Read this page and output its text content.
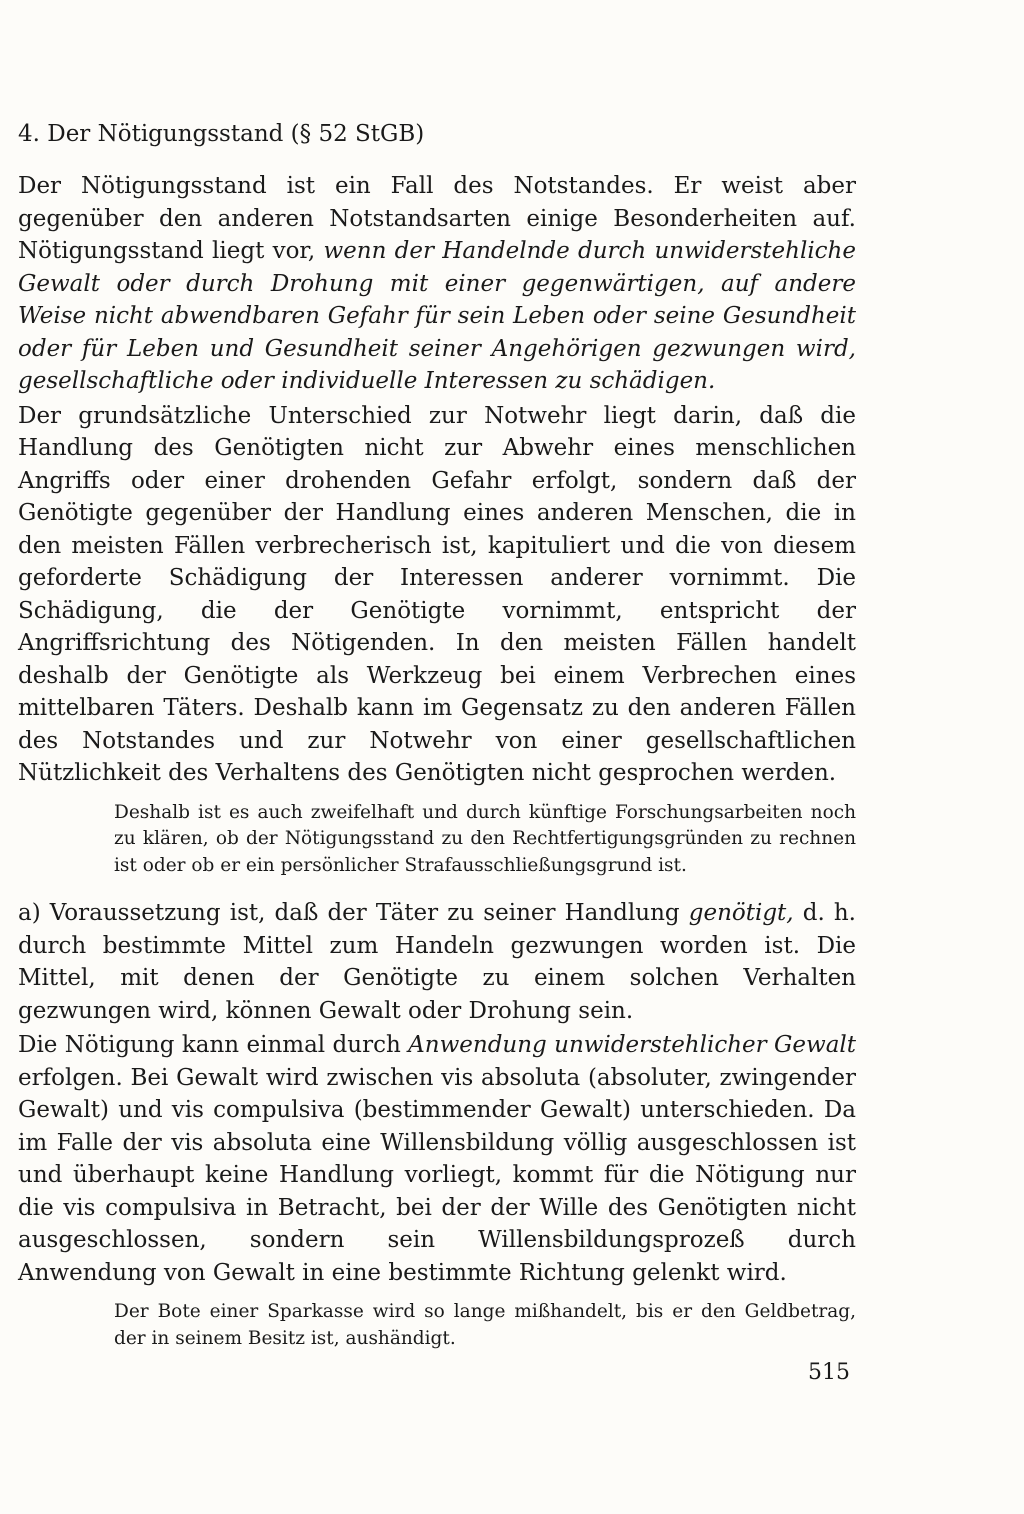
4. Der Nötigungsstand (§ 52 StGB)

Der Nötigungsstand ist ein Fall des Notstandes. Er weist aber gegenüber den anderen Notstandsarten einige Besonderheiten auf. Nötigungsstand liegt vor, wenn der Handelnde durch unwiderstehliche Gewalt oder durch Drohung mit einer gegenwärtigen, auf andere Weise nicht abwendbaren Gefahr für sein Leben oder seine Gesundheit oder für Leben und Gesundheit seiner Angehörigen gezwungen wird, gesellschaftliche oder individuelle Interessen zu schädigen.

Der grundsätzliche Unterschied zur Notwehr liegt darin, daß die Handlung des Genötigten nicht zur Abwehr eines menschlichen Angriffs oder einer drohenden Gefahr erfolgt, sondern daß der Genötigte gegenüber der Handlung eines anderen Menschen, die in den meisten Fällen verbrecherisch ist, kapituliert und die von diesem geforderte Schädigung der Interessen anderer vornimmt. Die Schädigung, die der Genötigte vornimmt, entspricht der Angriffsrichtung des Nötigenden. In den meisten Fällen handelt deshalb der Genötigte als Werkzeug bei einem Verbrechen eines mittelbaren Täters. Deshalb kann im Gegensatz zu den anderen Fällen des Notstandes und zur Notwehr von einer gesellschaftlichen Nützlichkeit des Verhaltens des Genötigten nicht gesprochen werden.

Deshalb ist es auch zweifelhaft und durch künftige Forschungsarbeiten noch zu klären, ob der Nötigungsstand zu den Rechtfertigungsgründen zu rechnen ist oder ob er ein persönlicher Strafausschließungsgrund ist.

a) Voraussetzung ist, daß der Täter zu seiner Handlung genötigt, d. h. durch bestimmte Mittel zum Handeln gezwungen worden ist. Die Mittel, mit denen der Genötigte zu einem solchen Verhalten gezwungen wird, können Gewalt oder Drohung sein.

Die Nötigung kann einmal durch Anwendung unwiderstehlicher Gewalt erfolgen. Bei Gewalt wird zwischen vis absoluta (absoluter, zwingender Gewalt) und vis compulsiva (bestimmender Gewalt) unterschieden. Da im Falle der vis absoluta eine Willensbildung völlig ausgeschlossen ist und überhaupt keine Handlung vorliegt, kommt für die Nötigung nur die vis compulsiva in Betracht, bei der der Wille des Genötigten nicht ausgeschlossen, sondern sein Willensbildungsprozeß durch Anwendung von Gewalt in eine bestimmte Richtung gelenkt wird.

Der Bote einer Sparkasse wird so lange mißhandelt, bis er den Geldbetrag, der in seinem Besitz ist, aushändigt.

515
